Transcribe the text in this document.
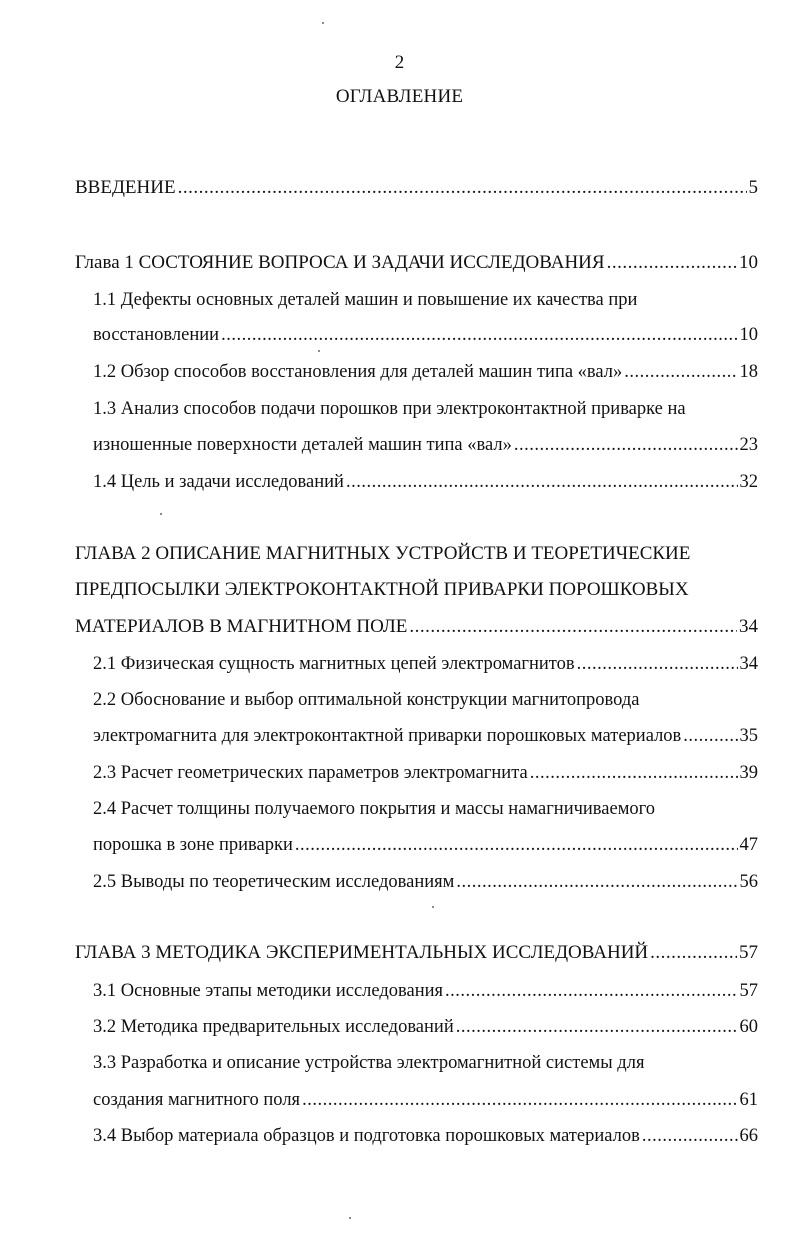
2
ОГЛАВЛЕНИЕ
ВВЕДЕНИЕ .....	5
Глава 1 СОСТОЯНИЕ ВОПРОСА И ЗАДАЧИ ИССЛЕДОВАНИЯ .....	10
1.1 Дефекты основных деталей машин и повышение их качества при
восстановлении .....	10
1.2 Обзор способов восстановления для деталей машин типа «вал» .....	18
1.3 Анализ способов подачи порошков при электроконтактной приварке на
изношенные поверхности деталей машин типа «вал» .....	23
1.4 Цель и задачи исследований .....	32
ГЛАВА 2 ОПИСАНИЕ МАГНИТНЫХ УСТРОЙСТВ И ТЕОРЕТИЧЕСКИЕ
ПРЕДПОСЫЛКИ ЭЛЕКТРОКОНТАКТНОЙ ПРИВАРКИ ПОРОШКОВЫХ
МАТЕРИАЛОВ В МАГНИТНОМ ПОЛЕ .....	34
2.1 Физическая сущность магнитных цепей электромагнитов .....	34
2.2 Обоснование и выбор оптимальной конструкции магнитопровода
электромагнита для электроконтактной приварки порошковых материалов .....	35
2.3 Расчет геометрических параметров электромагнита .....	39
2.4 Расчет толщины получаемого покрытия и массы намагничиваемого
порошка в зоне приварки .....	47
2.5 Выводы по теоретическим исследованиям .....	56
ГЛАВА 3 МЕТОДИКА ЭКСПЕРИМЕНТАЛЬНЫХ ИССЛЕДОВАНИЙ .....	57
3.1 Основные этапы методики исследования .....	57
3.2 Методика предварительных исследований .....	60
3.3 Разработка и описание устройства электромагнитной системы для
создания магнитного поля .....	61
3.4 Выбор материала образцов и подготовка порошковых материалов .....	66
